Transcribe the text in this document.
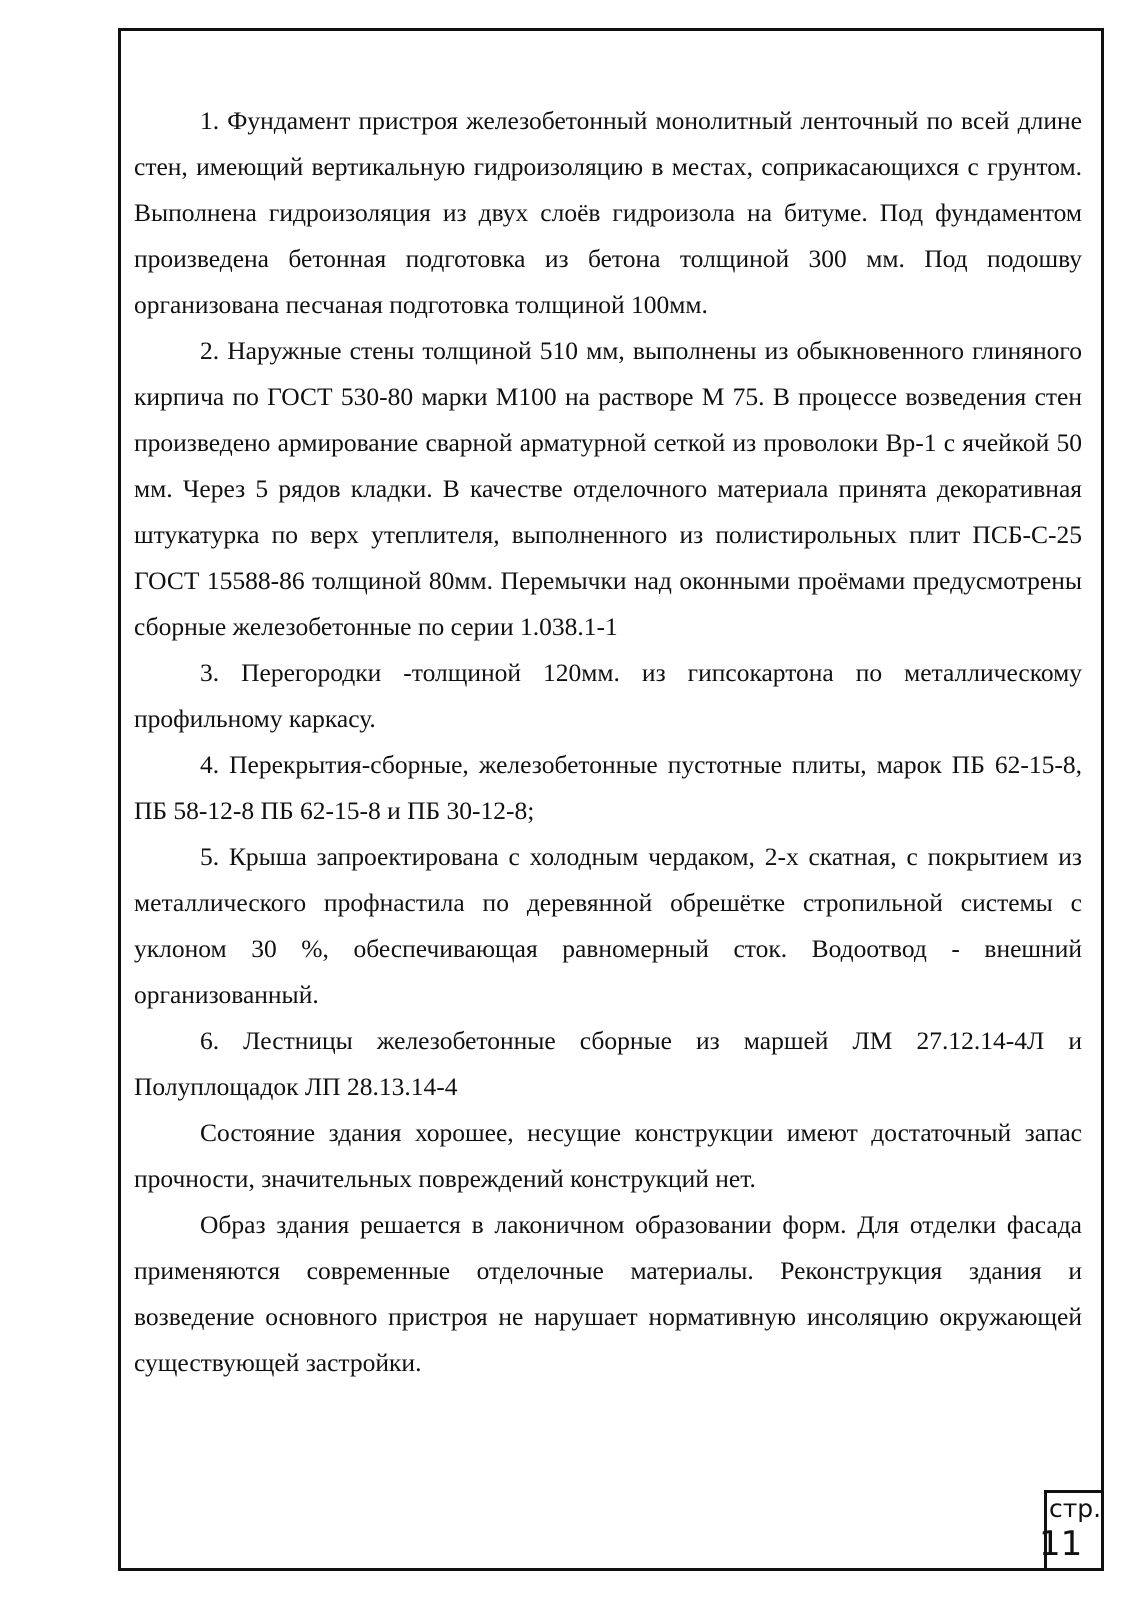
1. Фундамент пристроя железобетонный монолитный ленточный по всей длине стен, имеющий вертикальную гидроизоляцию в местах, соприкасающихся с грунтом. Выполнена гидроизоляция из двух слоёв гидроизола на битуме. Под фундаментом произведена бетонная подготовка из бетона толщиной 300 мм. Под подошву организована песчаная подготовка толщиной 100мм.

2. Наружные стены толщиной 510 мм, выполнены из обыкновенного глиняного кирпича по ГОСТ 530-80 марки М100 на растворе М 75. В процессе возведения стен произведено армирование сварной арматурной сеткой из проволоки Вр-1 с ячейкой 50 мм. Через 5 рядов кладки. В качестве отделочного материала принята декоративная штукатурка по верх утеплителя, выполненного из полистирольных плит ПСБ-С-25 ГОСТ 15588-86 толщиной 80мм. Перемычки над оконными проёмами предусмотрены сборные железобетонные по серии 1.038.1-1

3. Перегородки -толщиной 120мм. из гипсокартона по металлическому профильному каркасу.

4. Перекрытия-сборные, железобетонные пустотные плиты, марок ПБ 62-15-8, ПБ 58-12-8 ПБ 62-15-8 и ПБ 30-12-8;

5. Крыша запроектирована с холодным чердаком, 2-х скатная, с покрытием из металлического профнастила по деревянной обрешётке стропильной системы с уклоном 30 %, обеспечивающая равномерный сток. Водоотвод - внешний организованный.

6. Лестницы железобетонные сборные из маршей ЛМ 27.12.14-4Л и Полуплощадок ЛП 28.13.14-4

Состояние здания хорошее, несущие конструкции имеют достаточный запас прочности, значительных повреждений конструкций нет.

Образ здания решается в лаконичном образовании форм. Для отделки фасада применяются современные отделочные материалы. Реконструкция здания и возведение основного пристроя не нарушает нормативную инсоляцию окружающей существующей застройки.

стр.
11
